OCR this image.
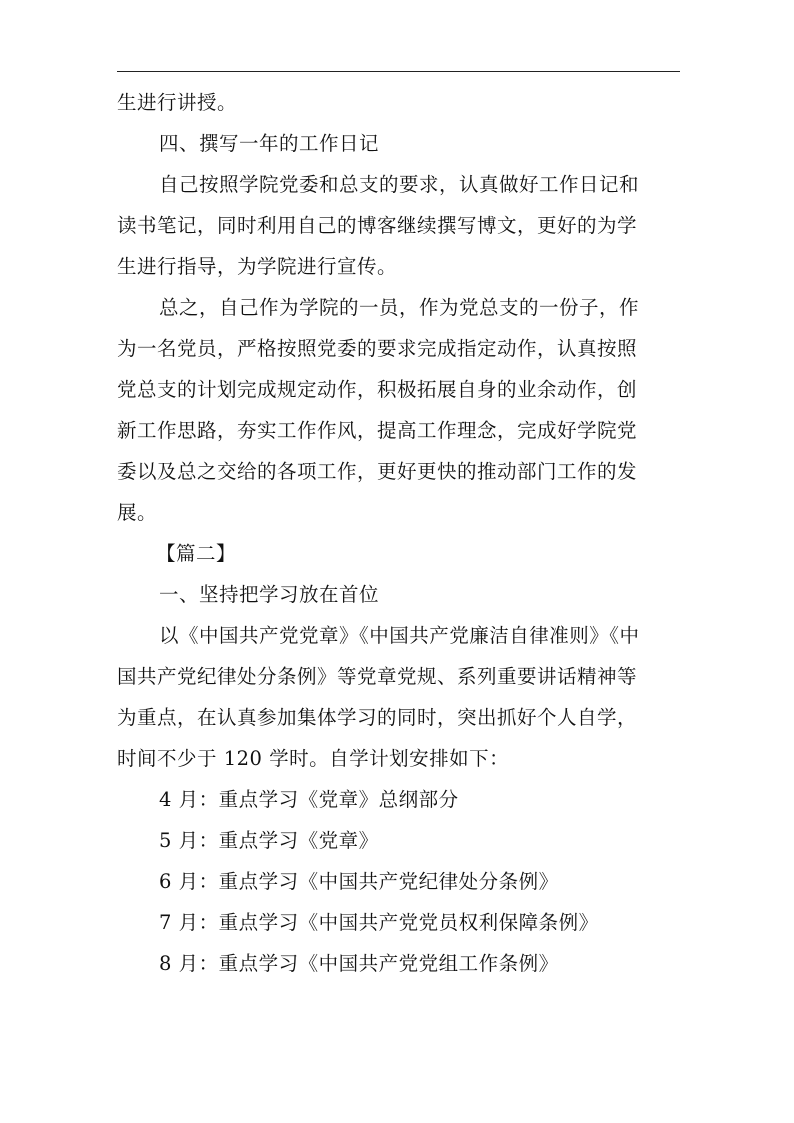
生进行讲授。
四、撰写一年的工作日记
自己按照学院党委和总支的要求，认真做好工作日记和
读书笔记，同时利用自己的博客继续撰写博文，更好的为学
生进行指导，为学院进行宣传。
总之，自己作为学院的一员，作为党总支的一份子，作
为一名党员，严格按照党委的要求完成指定动作，认真按照
党总支的计划完成规定动作，积极拓展自身的业余动作，创
新工作思路，夯实工作作风，提高工作理念，完成好学院党
委以及总之交给的各项工作，更好更快的推动部门工作的发
展。
【篇二】
一、坚持把学习放在首位
以《中国共产党党章》《中国共产党廉洁自律准则》《中
国共产党纪律处分条例》等党章党规、系列重要讲话精神等
为重点，在认真参加集体学习的同时，突出抓好个人自学，
时间不少于 120 学时。自学计划安排如下：
4 月：重点学习《党章》总纲部分
5 月：重点学习《党章》
6 月：重点学习《中国共产党纪律处分条例》
7 月：重点学习《中国共产党党员权利保障条例》
8 月：重点学习《中国共产党党组工作条例》
